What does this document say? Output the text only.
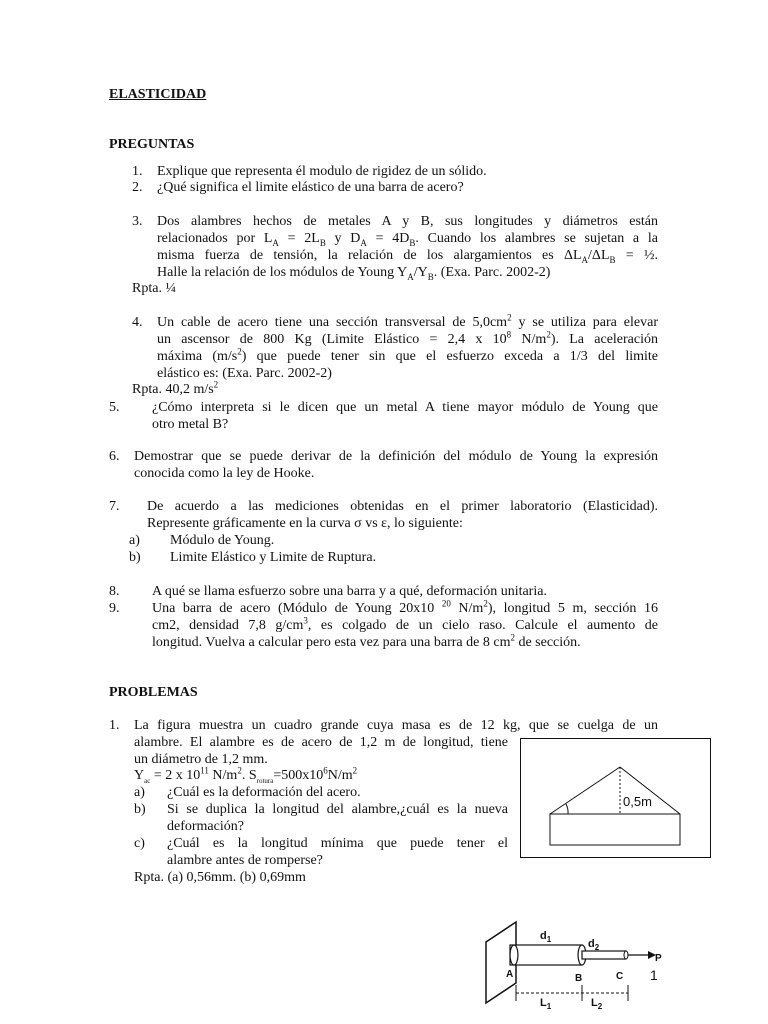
ELASTICIDAD
PREGUNTAS
1. Explique que representa él modulo de rigidez de un sólido.
2. ¿Qué significa el limite elástico de una barra de acero?
3. Dos alambres hechos de metales A y B, sus longitudes y diámetros están
relacionados por $L_A = 2L_B$ y $D_A = 4D_B$. Cuando los alambres se sujetan a la
misma fuerza de tensión, la relación de los alargamientos es $\Delta L_A/\Delta L_B$ = ½.
Halle la relación de los módulos de Young $Y_A/Y_B$. (Exa. Parc. 2002-2)
Rpta. ¼
4. Un cable de acero tiene una sección transversal de $5,0cm^2$ y se utiliza para elevar
un ascensor de 800 Kg (Limite Elástico = 2,4 x $10^8$ $N/m^2$). La aceleración
máxima $(m/s^2)$ que puede tener sin que el esfuerzo exceda a 1/3 del limite
elástico es: (Exa. Parc. 2002-2)
Rpta. 40,2 $m/s^2$
5. ¿Cómo interpreta si le dicen que un metal A tiene mayor módulo de Young que
otro metal B?
6. Demostrar que se puede derivar de la definición del módulo de Young la expresión
conocida como la ley de Hooke.
7. De acuerdo a las mediciones obtenidas en el primer laboratorio (Elasticidad).
Represente gráficamente en la curva σ vs ε, lo siguiente:
a) Módulo de Young.
b) Limite Elástico y Limite de Ruptura.
8. A qué se llama esfuerzo sobre una barra y a qué, deformación unitaria.
9. Una barra de acero (Módulo de Young 20x10 $^{20}$ $N/m^2$), longitud 5 m, sección 16
cm2, densidad 7,8 $g/cm^3$, es colgado de un cielo raso. Calcule el aumento de
longitud. Vuelva a calcular pero esta vez para una barra de 8 $cm^2$ de sección.
PROBLEMAS
1. La figura muestra un cuadro grande cuya masa es de 12 kg, que se cuelga de un
alambre. El alambre es de acero de 1,2 m de longitud, tiene
un diámetro de 1,2 mm.
$Y_{ac} = 2$ x $10^{11}$ $N/m^2$. $S_{rotura}=500x10^6N/m^2$
a) ¿Cuál es la deformación del acero.
b) Si se duplica la longitud del alambre,¿cuál es la nueva
deformación?
c) ¿Cuál es la longitud mínima que puede tener el
alambre antes de romperse?
Rpta. (a) 0,56mm. (b) 0,69mm
0,5m
$d_1$	$d_2$
P
A	B	C
$L_1$	$L_2$
1
